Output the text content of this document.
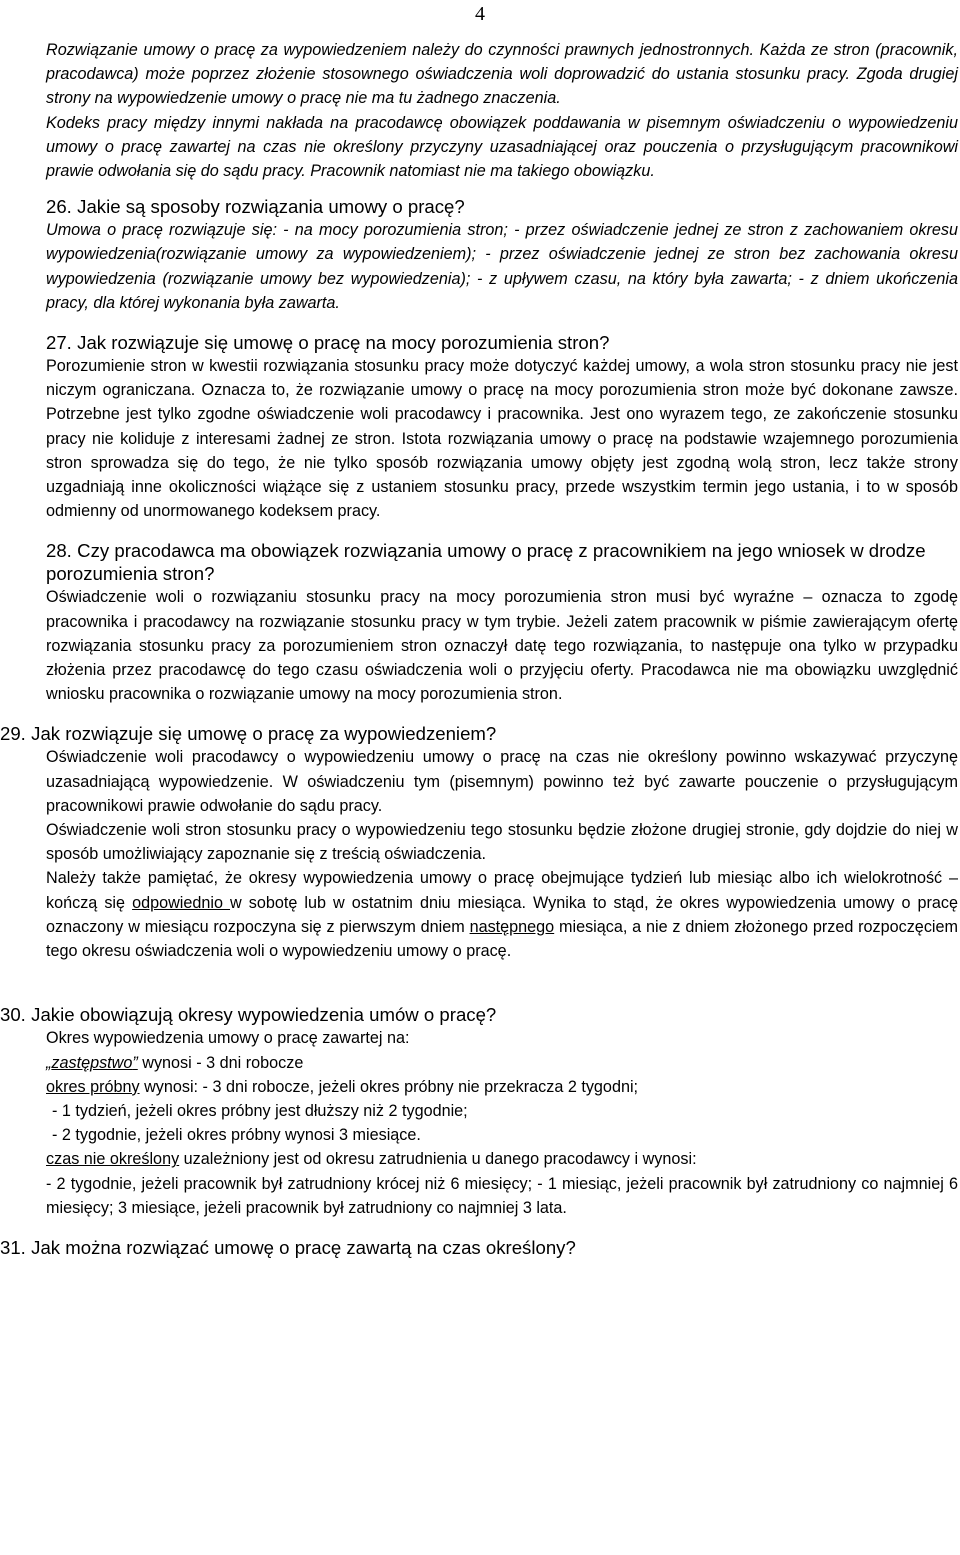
4

Rozwiązanie umowy o pracę za wypowiedzeniem należy do czynności prawnych jednostronnych. Każda ze stron (pracownik, pracodawca) może poprzez złożenie stosownego oświadczenia woli doprowadzić do ustania stosunku pracy. Zgoda drugiej strony na wypowiedzenie umowy o pracę nie ma tu żadnego znaczenia.

Kodeks pracy między innymi nakłada na pracodawcę obowiązek poddawania w pisemnym oświadczeniu o wypowiedzeniu umowy o pracę zawartej na czas nie określony przyczyny uzasadniającej oraz pouczenia o przysługującym pracownikowi prawie odwołania się do sądu pracy. Pracownik natomiast nie ma takiego obowiązku.

26. Jakie są sposoby rozwiązania umowy o pracę?

Umowa o pracę rozwiązuje się: - na mocy porozumienia stron; - przez oświadczenie jednej ze stron z zachowaniem okresu wypowiedzenia(rozwiązanie umowy za wypowiedzeniem); - przez oświadczenie jednej ze stron bez zachowania okresu wypowiedzenia (rozwiązanie umowy bez wypowiedzenia); - z upływem czasu, na który była zawarta; - z dniem ukończenia pracy, dla której wykonania była zawarta.

27. Jak rozwiązuje się umowę o pracę na mocy porozumienia stron?

Porozumienie stron w kwestii rozwiązania stosunku pracy może dotyczyć każdej umowy, a wola stron stosunku pracy nie jest niczym ograniczana. Oznacza to, że rozwiązanie umowy o pracę na mocy porozumienia stron może być dokonane zawsze. Potrzebne jest tylko zgodne oświadczenie woli pracodawcy i pracownika. Jest ono wyrazem tego, ze zakończenie stosunku pracy nie koliduje z interesami żadnej ze stron. Istota rozwiązania umowy o pracę na podstawie wzajemnego porozumienia stron sprowadza się do tego, że nie tylko sposób rozwiązania umowy objęty jest zgodną wolą stron, lecz także strony uzgadniają inne okoliczności wiążące się z ustaniem stosunku pracy, przede wszystkim termin jego ustania, i to w sposób odmienny od unormowanego kodeksem pracy.

28. Czy pracodawca ma obowiązek rozwiązania umowy o pracę z pracownikiem na jego wniosek w drodze porozumienia stron?

Oświadczenie woli o rozwiązaniu stosunku pracy na mocy porozumienia stron musi być wyraźne – oznacza to zgodę pracownika i pracodawcy na rozwiązanie stosunku pracy w tym trybie. Jeżeli zatem pracownik w piśmie zawierającym ofertę rozwiązania stosunku pracy za porozumieniem stron oznaczył datę tego rozwiązania, to następuje ona tylko w przypadku złożenia przez pracodawcę do tego czasu oświadczenia woli o przyjęciu oferty. Pracodawca nie ma obowiązku uwzględnić wniosku pracownika o rozwiązanie umowy na mocy porozumienia stron.

29. Jak rozwiązuje się umowę o pracę za wypowiedzeniem?

Oświadczenie woli pracodawcy o wypowiedzeniu umowy o pracę na czas nie określony powinno wskazywać przyczynę uzasadniającą wypowiedzenie. W oświadczeniu tym (pisemnym) powinno też być zawarte pouczenie o przysługującym pracownikowi prawie odwołanie do sądu pracy.

Oświadczenie woli stron stosunku pracy o wypowiedzeniu tego stosunku będzie złożone drugiej stronie, gdy dojdzie do niej w sposób umożliwiający zapoznanie się z treścią oświadczenia.

Należy także pamiętać, że okresy wypowiedzenia umowy o pracę obejmujące tydzień lub miesiąc albo ich wielokrotność – kończą się odpowiednio w sobotę lub w ostatnim dniu miesiąca. Wynika to stąd, że okres wypowiedzenia umowy o pracę oznaczony w miesiącu rozpoczyna się z pierwszym dniem następnego miesiąca, a nie z dniem złożonego przed rozpoczęciem tego okresu oświadczenia woli o wypowiedzeniu umowy o pracę.

30. Jakie obowiązują okresy wypowiedzenia umów o pracę?

Okres wypowiedzenia umowy o pracę zawartej na:

„zastępstwo” wynosi - 3 dni robocze

okres próbny wynosi: - 3 dni robocze, jeżeli okres próbny nie przekracza 2 tygodni;

- 1 tydzień, jeżeli okres próbny jest dłuższy niż 2 tygodnie;

- 2 tygodnie, jeżeli okres próbny wynosi 3 miesiące.

czas nie określony uzależniony jest od okresu zatrudnienia u danego pracodawcy i wynosi:

- 2 tygodnie, jeżeli pracownik był zatrudniony krócej niż 6 miesięcy; - 1 miesiąc, jeżeli pracownik był zatrudniony co najmniej 6 miesięcy; 3 miesiące, jeżeli pracownik był zatrudniony co najmniej 3 lata.

31. Jak można rozwiązać umowę o pracę zawartą na czas określony?
